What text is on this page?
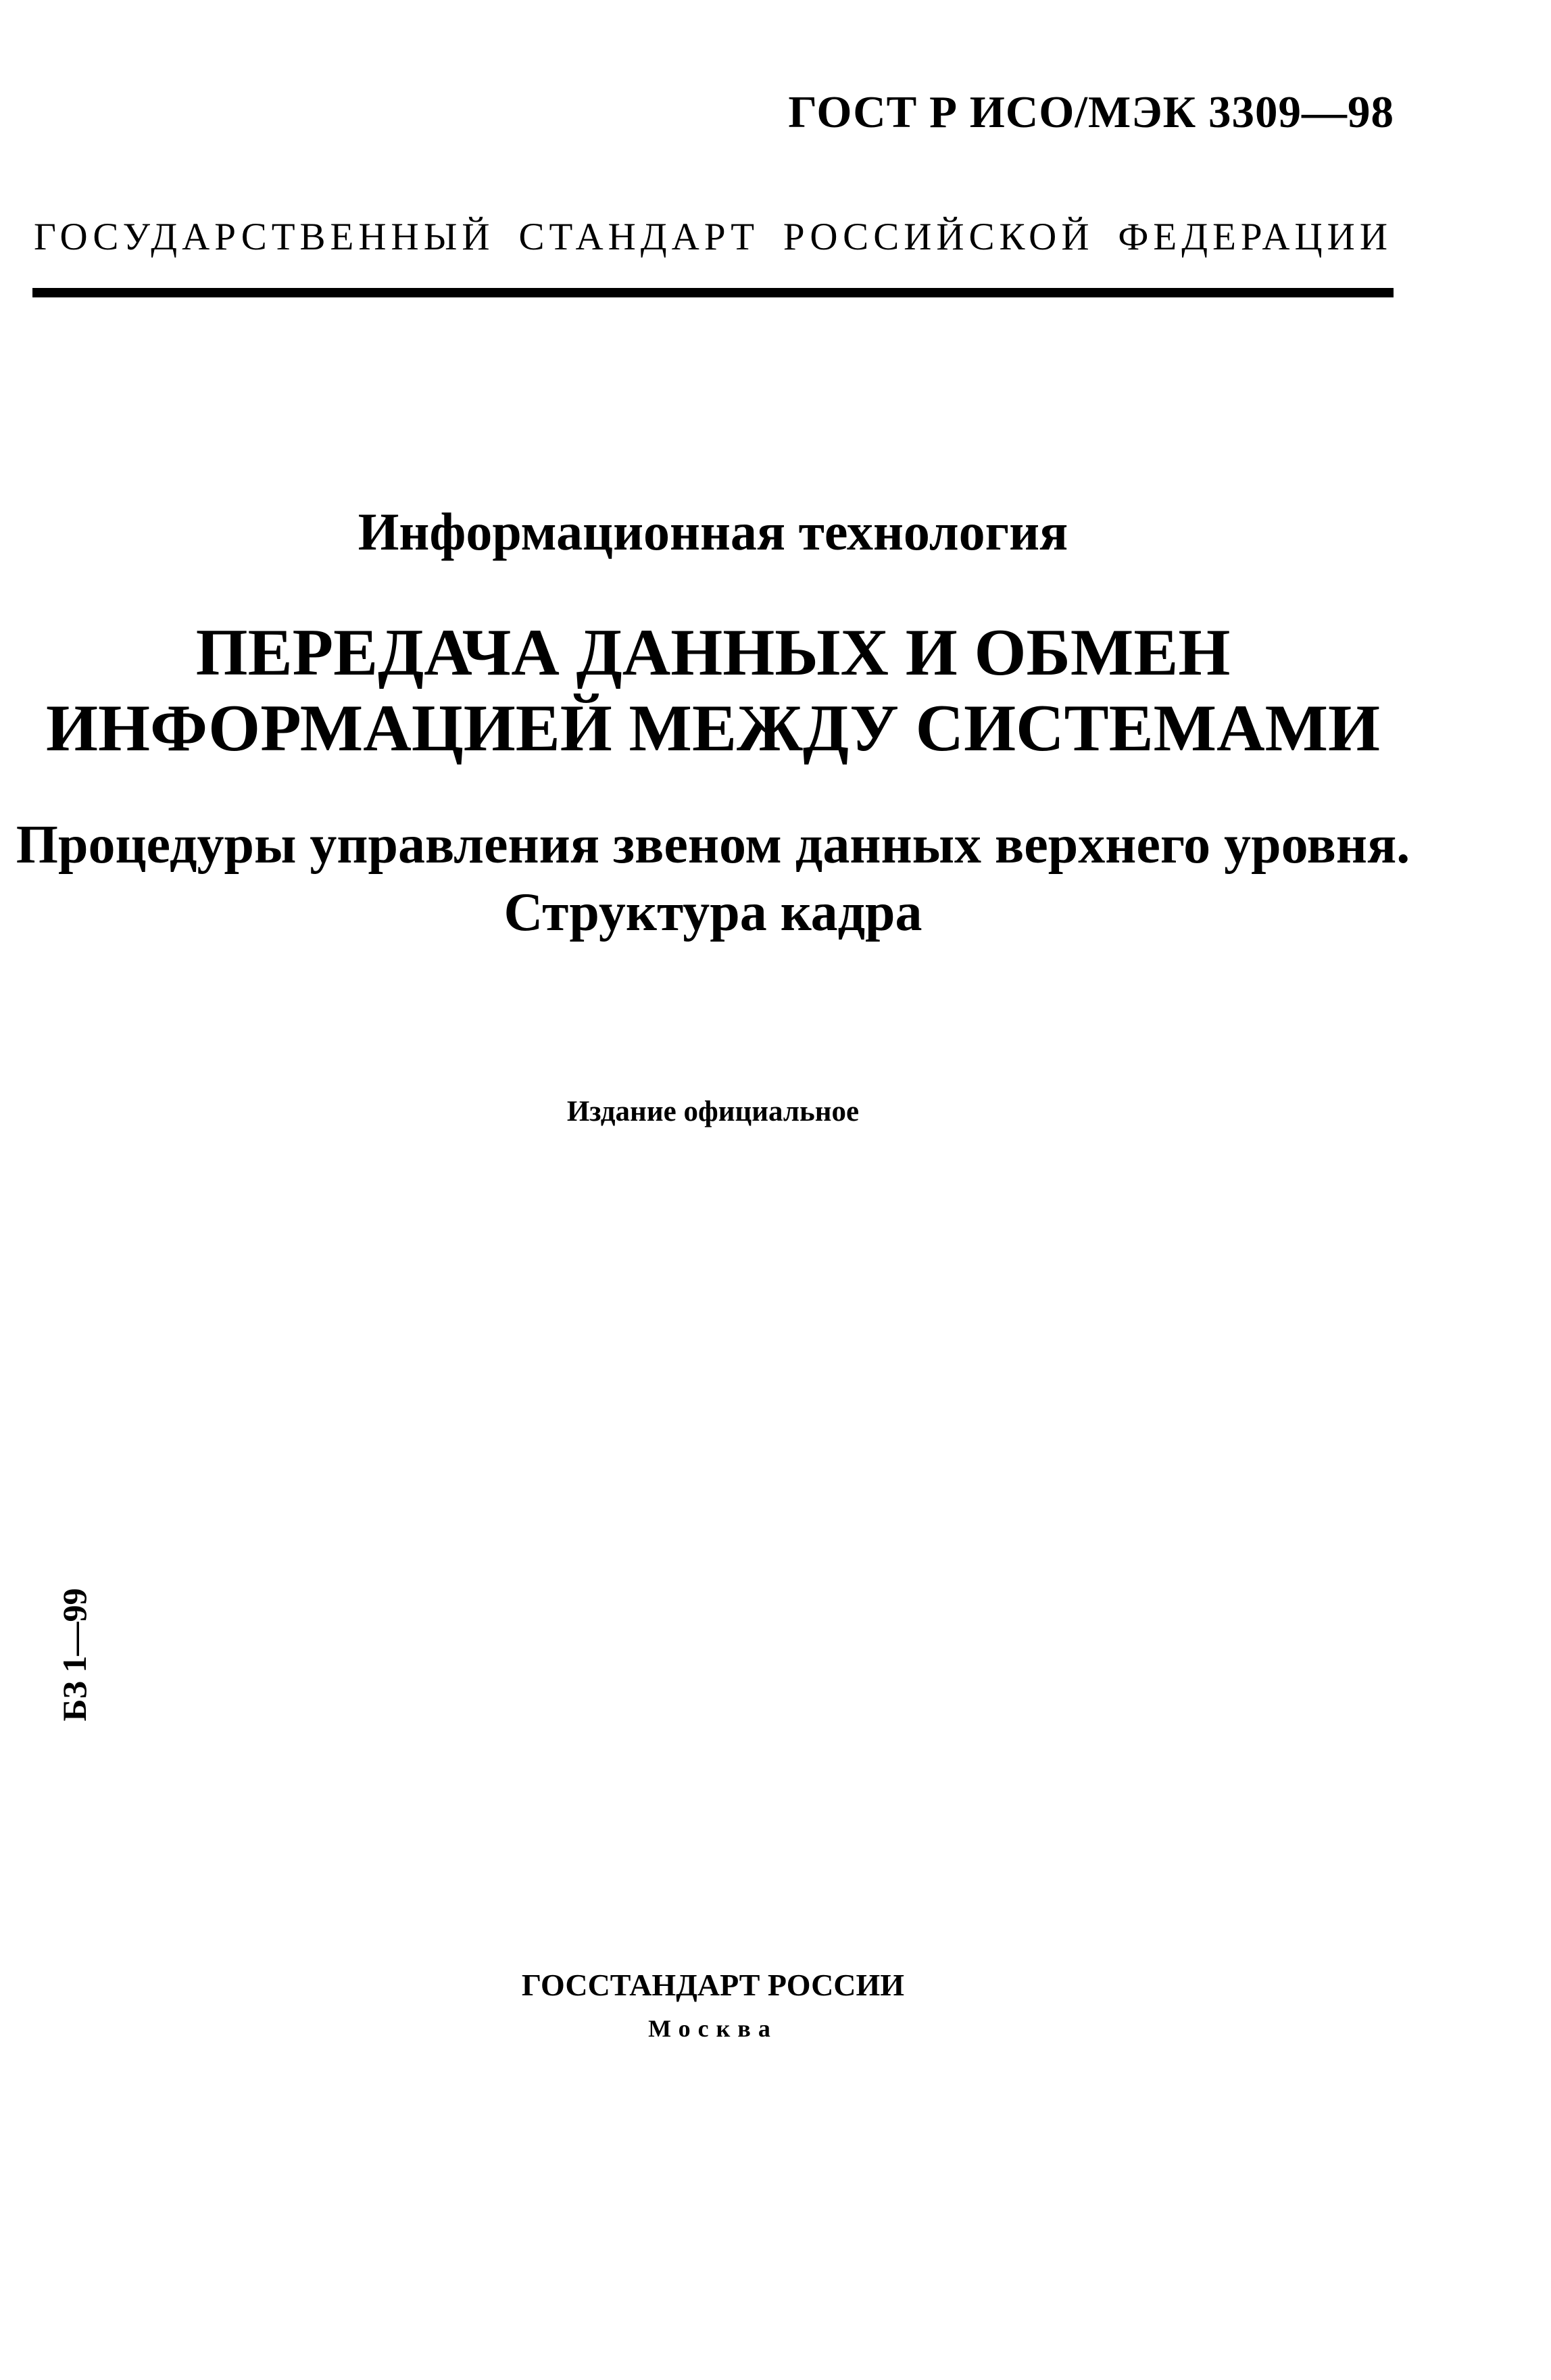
ГОСТ Р ИСО/МЭК 3309—98
ГОСУДАРСТВЕННЫЙ СТАНДАРТ РОССИЙСКОЙ ФЕДЕРАЦИИ
Информационная технология
ПЕРЕДАЧА ДАННЫХ И ОБМЕН
ИНФОРМАЦИЕЙ МЕЖДУ СИСТЕМАМИ
Процедуры управления звеном данных верхнего уровня.
Структура кадра
Издание официальное
БЗ 1—99
ГОССТАНДАРТ РОССИИ
Москва
